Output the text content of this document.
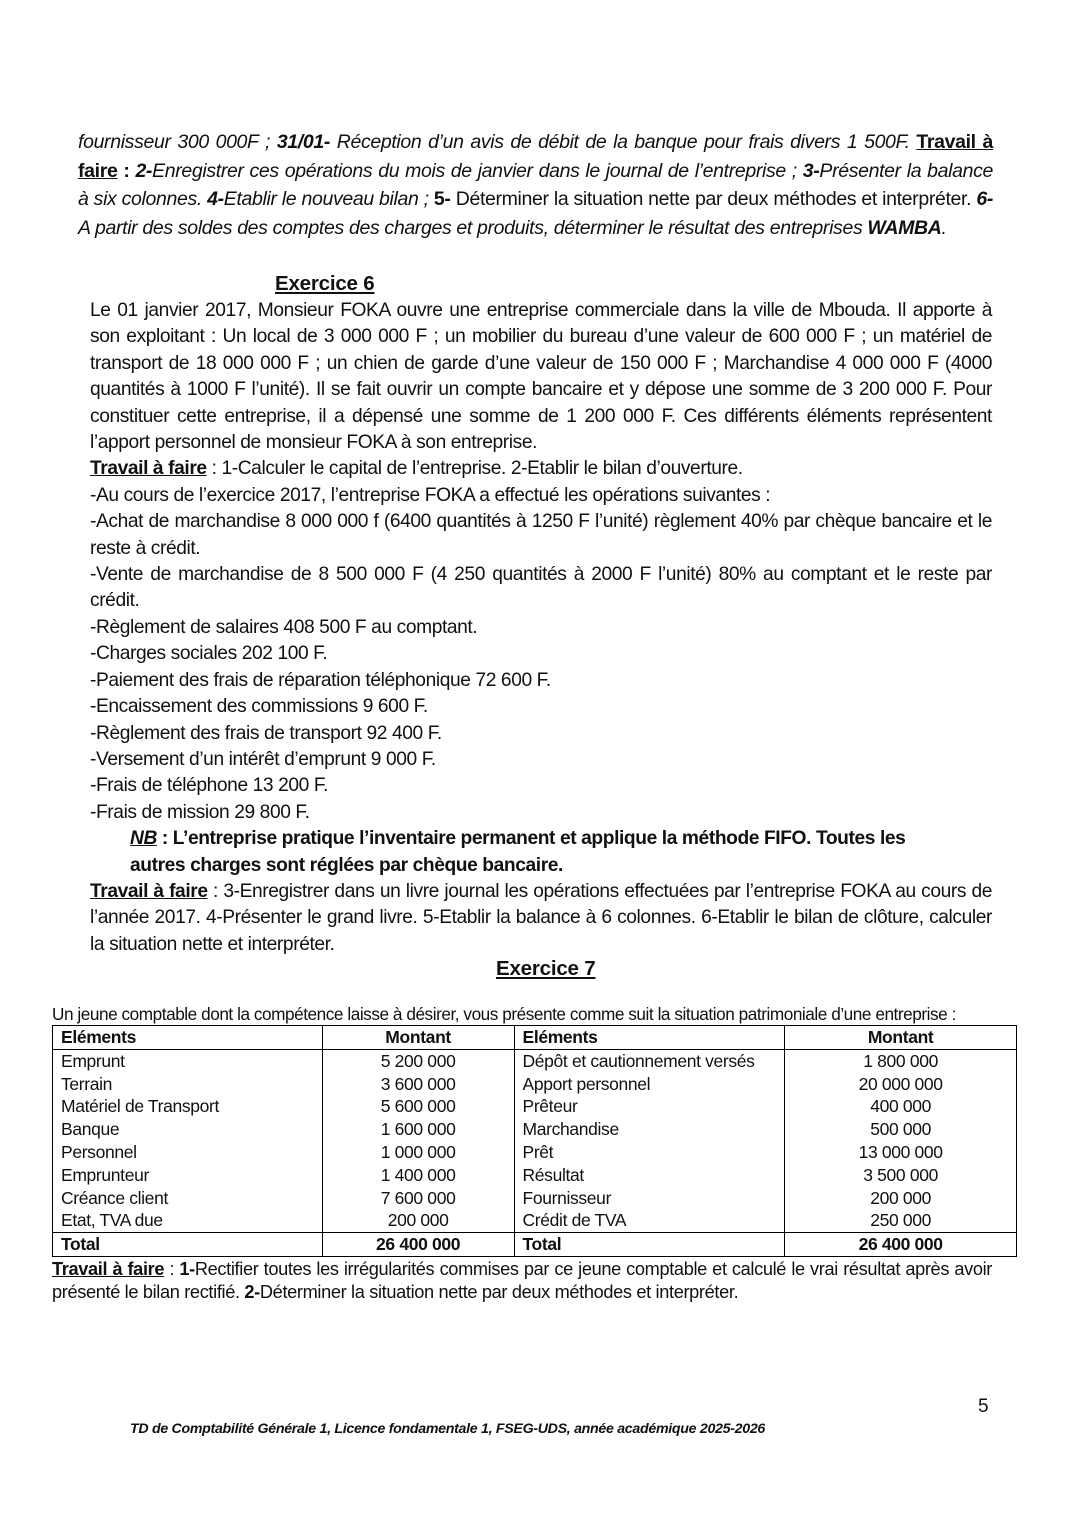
fournisseur 300 000F ; 31/01- Réception d’un avis de débit de la banque pour frais divers 1 500F. Travail à faire : 2-Enregistrer ces opérations du mois de janvier dans le journal de l’entreprise ; 3-Présenter la balance à six colonnes. 4-Etablir le nouveau bilan ; 5- Déterminer la situation nette par deux méthodes et interpréter. 6-A partir des soldes des comptes des charges et produits, déterminer le résultat des entreprises WAMBA.
Exercice 6

Le 01 janvier 2017, Monsieur FOKA ouvre une entreprise commerciale dans la ville de Mbouda. Il apporte à son exploitant : Un local de 3 000 000 F ; un mobilier du bureau d’une valeur de 600 000 F ; un matériel de transport de 18 000 000 F ; un chien de garde d’une valeur de 150 000 F ; Marchandise 4 000 000 F (4000 quantités à 1000 F l’unité). Il se fait ouvrir un compte bancaire et y dépose une somme de 3 200 000 F. Pour constituer cette entreprise, il a dépensé une somme de 1 200 000 F. Ces différents éléments représentent l’apport personnel de monsieur FOKA à son entreprise.

Travail à faire : 1-Calculer le capital de l’entreprise. 2-Etablir le bilan d’ouverture.

-Au cours de l’exercice 2017, l’entreprise FOKA a effectué les opérations suivantes :

-Achat de marchandise 8 000 000 f (6400 quantités à 1250 F l’unité) règlement 40% par chèque bancaire et le reste à crédit.

-Vente de marchandise de 8 500 000 F (4 250 quantités à 2000 F l’unité) 80% au comptant et le reste par crédit.

-Règlement de salaires 408 500 F au comptant.

-Charges sociales 202 100 F.

-Paiement des frais de réparation téléphonique 72 600 F.

-Encaissement des commissions 9 600 F.

-Règlement des frais de transport 92 400 F.

-Versement d’un intérêt d’emprunt 9 000 F.

-Frais de téléphone 13 200 F.

-Frais de mission 29 800 F.

NB : L’entreprise pratique l’inventaire permanent et applique la méthode FIFO. Toutes les
autres charges sont réglées par chèque bancaire.

Travail à faire : 3-Enregistrer dans un livre journal les opérations effectuées par l’entreprise FOKA au cours de l’année 2017. 4-Présenter le grand livre. 5-Etablir la balance à 6 colonnes. 6-Etablir le bilan de clôture, calculer la situation nette et interpréter.

Exercice 7
Un jeune comptable dont la compétence laisse à désirer, vous présente comme suit la situation patrimoniale d’une entreprise :
Eléments	Montant	Eléments	Montant
Emprunt	5 200 000	Dépôt et cautionnement versés	1 800 000
Terrain	3 600 000	Apport personnel	20 000 000
Matériel de Transport	5 600 000	Prêteur	400 000
Banque	1 600 000	Marchandise	500 000
Personnel	1 000 000	Prêt	13 000 000
Emprunteur	1 400 000	Résultat	3 500 000
Créance client	7 600 000	Fournisseur	200 000
Etat, TVA due	200 000	Crédit de TVA	250 000
Total	26 400 000	Total	26 400 000
Travail à faire : 1-Rectifier toutes les irrégularités commises par ce jeune comptable et calculé le vrai résultat après avoir présenté le bilan rectifié. 2-Déterminer la situation nette par deux méthodes et interpréter.
5
TD de Comptabilité Générale 1, Licence fondamentale 1, FSEG-UDS, année académique 2025-2026
